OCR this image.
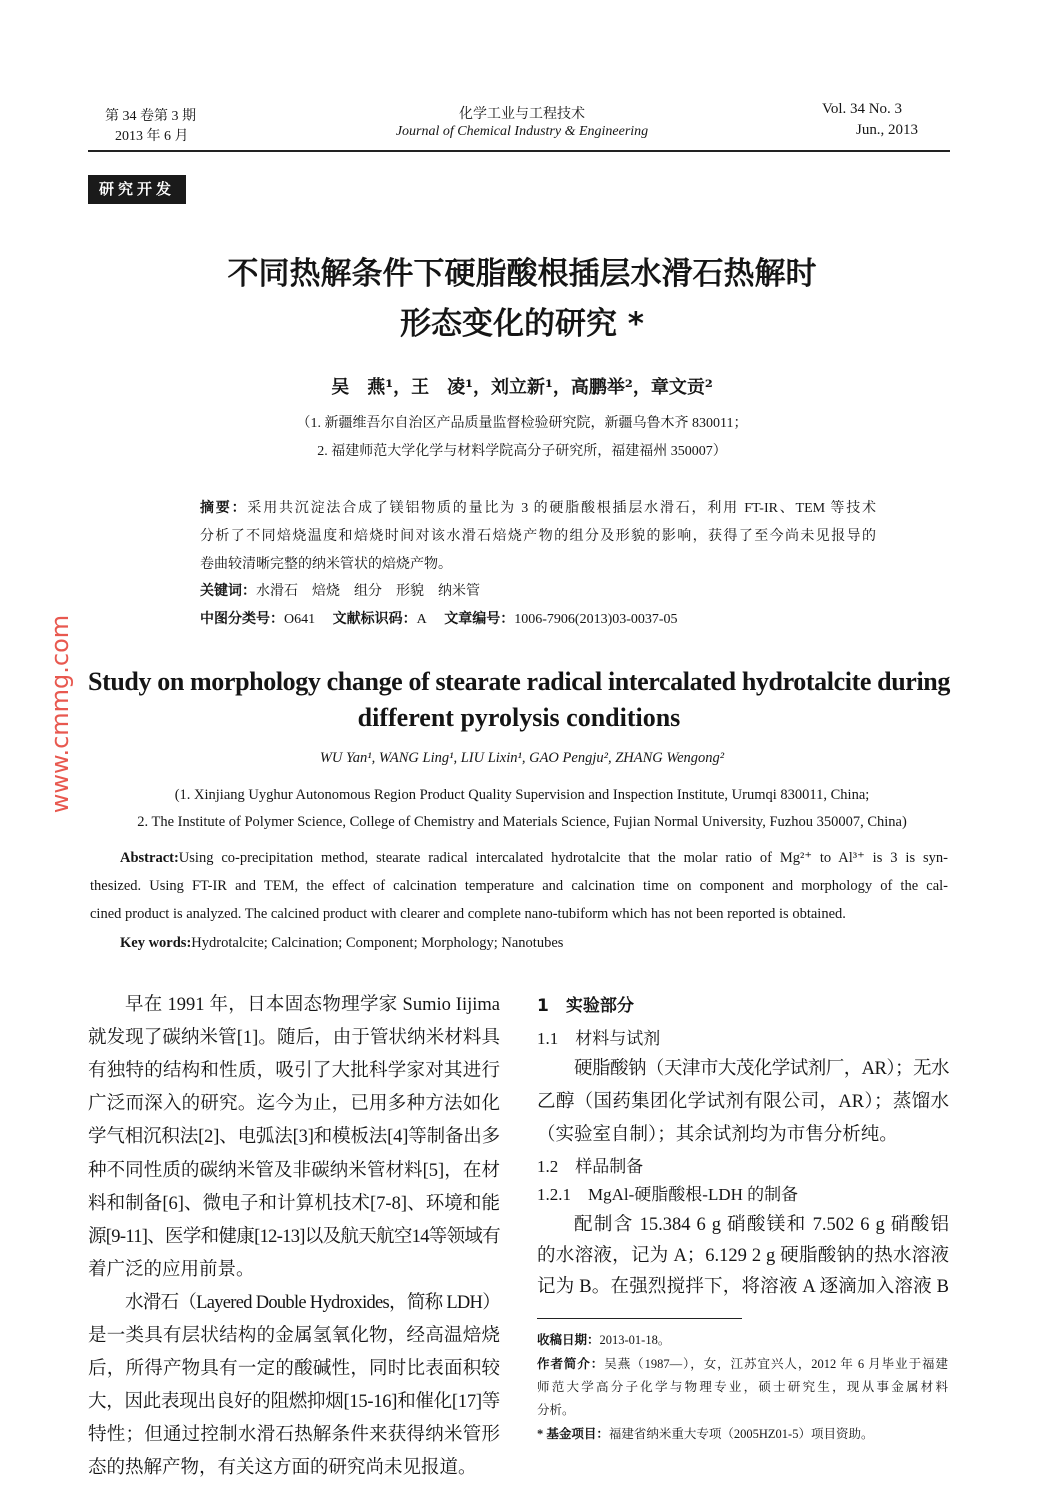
第 34 卷第 3 期
2013 年 6 月
化学工业与工程技术
Journal of Chemical Industry & Engineering
Vol. 34 No. 3
Jun., 2013
研究开发
不同热解条件下硬脂酸根插层水滑石热解时
形态变化的研究 *
吴　燕¹，王　凌¹，刘立新¹，高鹏举²，章文贡²
（1. 新疆维吾尔自治区产品质量监督检验研究院，新疆乌鲁木齐 830011；
2. 福建师范大学化学与材料学院高分子研究所，福建福州 350007）
摘要：采用共沉淀法合成了镁铝物质的量比为 3 的硬脂酸根插层水滑石，利用 FT-IR、TEM 等技术
分析了不同焙烧温度和焙烧时间对该水滑石焙烧产物的组分及形貌的影响，获得了至今尚未见报导的
卷曲较清晰完整的纳米管状的焙烧产物。
关键词：水滑石　焙烧　组分　形貌　纳米管
中图分类号：O641  文献标识码：A  文章编号：1006-7906(2013)03-0037-05
Study on morphology change of stearate radical intercalated hydrotalcite during
different pyrolysis conditions
WU Yan¹, WANG Ling¹, LIU Lixin¹, GAO Pengju², ZHANG Wengong²
(1. Xinjiang Uyghur Autonomous Region Product Quality Supervision and Inspection Institute, Urumqi 830011, China;
2. The Institute of Polymer Science, College of Chemistry and Materials Science, Fujian Normal University, Fuzhou 350007, China)
Abstract:Using co-precipitation method, stearate radical intercalated hydrotalcite that the molar ratio of Mg²⁺ to Al³⁺ is 3 is syn-
thesized. Using FT-IR and TEM, the effect of calcination temperature and calcination time on component and morphology of the cal-
cined product is analyzed. The calcined product with clearer and complete nano-tubiform which has not been reported is obtained.
Key words:Hydrotalcite; Calcination; Component; Morphology; Nanotubes
早在 1991 年，日本固态物理学家 Sumio Iijima
就发现了碳纳米管[1]。随后，由于管状纳米材料具
有独特的结构和性质，吸引了大批科学家对其进行
广泛而深入的研究。迄今为止，已用多种方法如化
学气相沉积法[2]、电弧法[3]和模板法[4]等制备出多
种不同性质的碳纳米管及非碳纳米管材料[5]，在材
料和制备[6]、微电子和计算机技术[7-8]、环境和能
源[9-11]、医学和健康[12-13]以及航天航空14等领域有
着广泛的应用前景。
水滑石（Layered Double Hydroxides，简称 LDH）
是一类具有层状结构的金属氢氧化物，经高温焙烧
后，所得产物具有一定的酸碱性，同时比表面积较
大，因此表现出良好的阻燃抑烟[15-16]和催化[17]等
特性；但通过控制水滑石热解条件来获得纳米管形
态的热解产物，有关这方面的研究尚未见报道。
1　实验部分
1.1　材料与试剂
硬脂酸钠（天津市大茂化学试剂厂，AR）；无水
乙醇（国药集团化学试剂有限公司，AR）；蒸馏水
（实验室自制）；其余试剂均为市售分析纯。
1.2　样品制备
1.2.1　MgAl-硬脂酸根-LDH 的制备
配制含 15.384 6 g 硝酸镁和 7.502 6 g 硝酸铝
的水溶液，记为 A；6.129 2 g 硬脂酸钠的热水溶液
记为 B。在强烈搅拌下，将溶液 A 逐滴加入溶液 B
收稿日期：2013-01-18。
作者简介：吴燕（1987—），女，江苏宜兴人，2012 年 6 月毕业于福建
师范大学高分子化学与物理专业，硕士研究生，现从事金属材料
分析。
* 基金项目：福建省纳米重大专项（2005HZ01-5）项目资助。
www.cmmg.com
